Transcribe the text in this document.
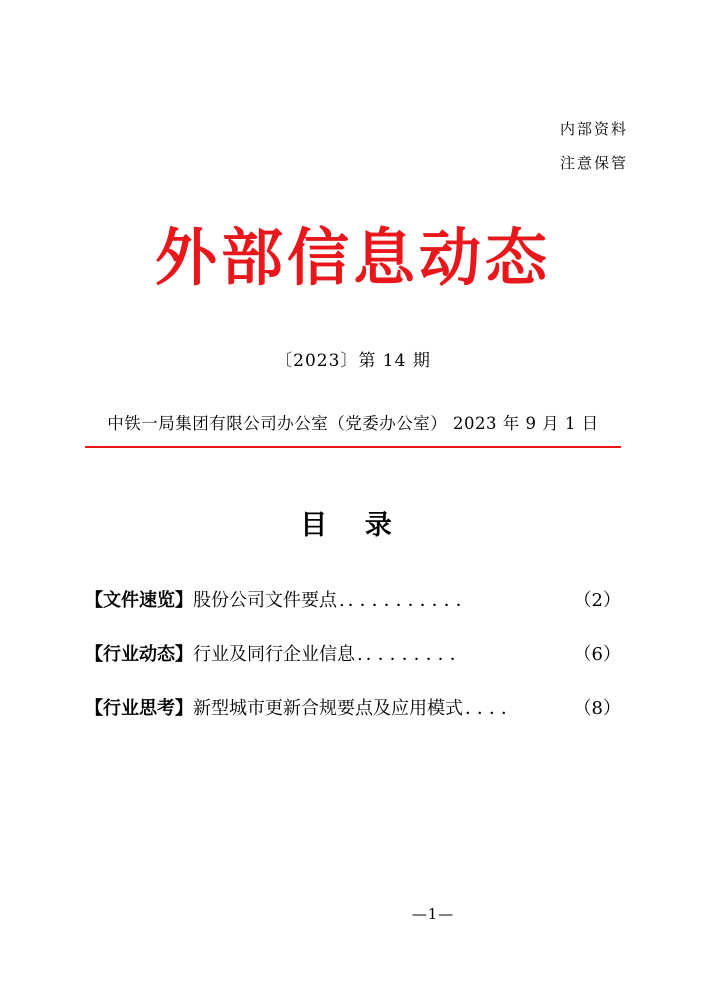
内部资料
注意保管
外部信息动态
〔2023〕第 14 期
中铁一局集团有限公司办公室（党委办公室） 2023 年 9 月 1 日
目 录
【文件速览】 股份公司文件要点 .．．．．．．．．．．	（2）
【行业动态】 行业及同行企业信息 .．．．．．．．．	（6）
【行业思考】 新型城市更新合规要点及应用模式 ．．．．	（8）
—1—
